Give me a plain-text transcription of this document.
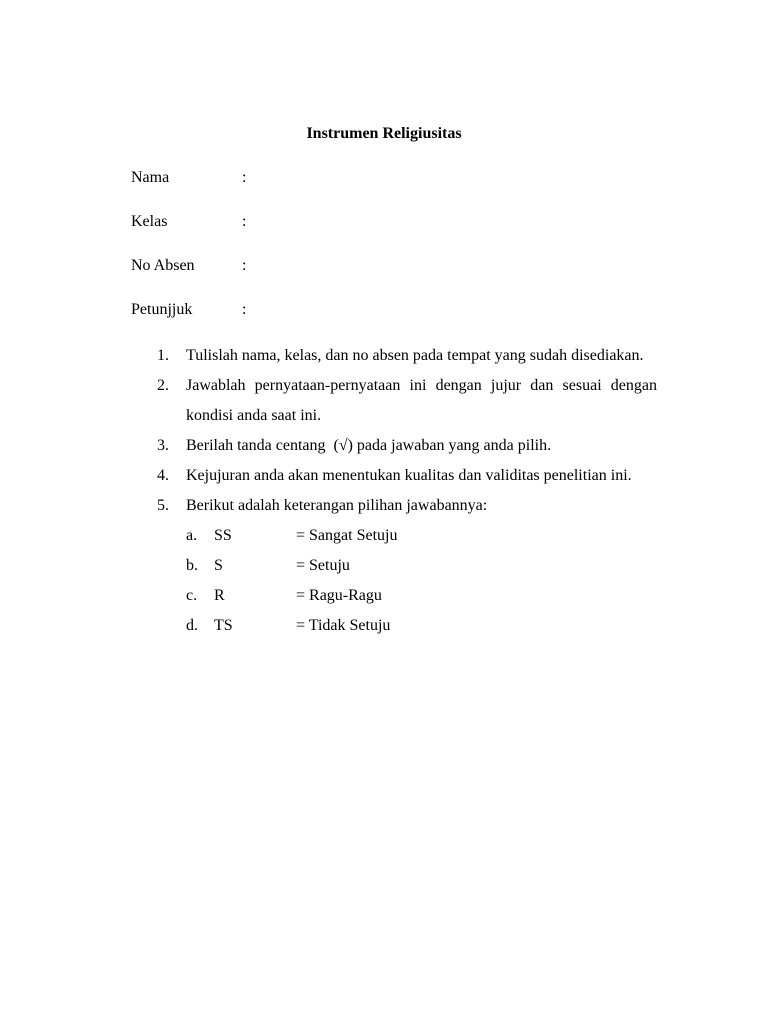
Instrumen Religiusitas
Nama	:
Kelas	:
No Absen	:
Petunjjuk	:
1. Tulislah nama, kelas, dan no absen pada tempat yang sudah disediakan.
2. Jawablah pernyataan-pernyataan ini dengan jujur dan sesuai dengan kondisi anda saat ini.
3. Berilah tanda centang  (√) pada jawaban yang anda pilih.
4. Kejujuran anda akan menentukan kualitas dan validitas penelitian ini.
5. Berikut adalah keterangan pilihan jawabannya:
a. SS	= Sangat Setuju
b. S	= Setuju
c. R	= Ragu-Ragu
d. TS	= Tidak Setuju
